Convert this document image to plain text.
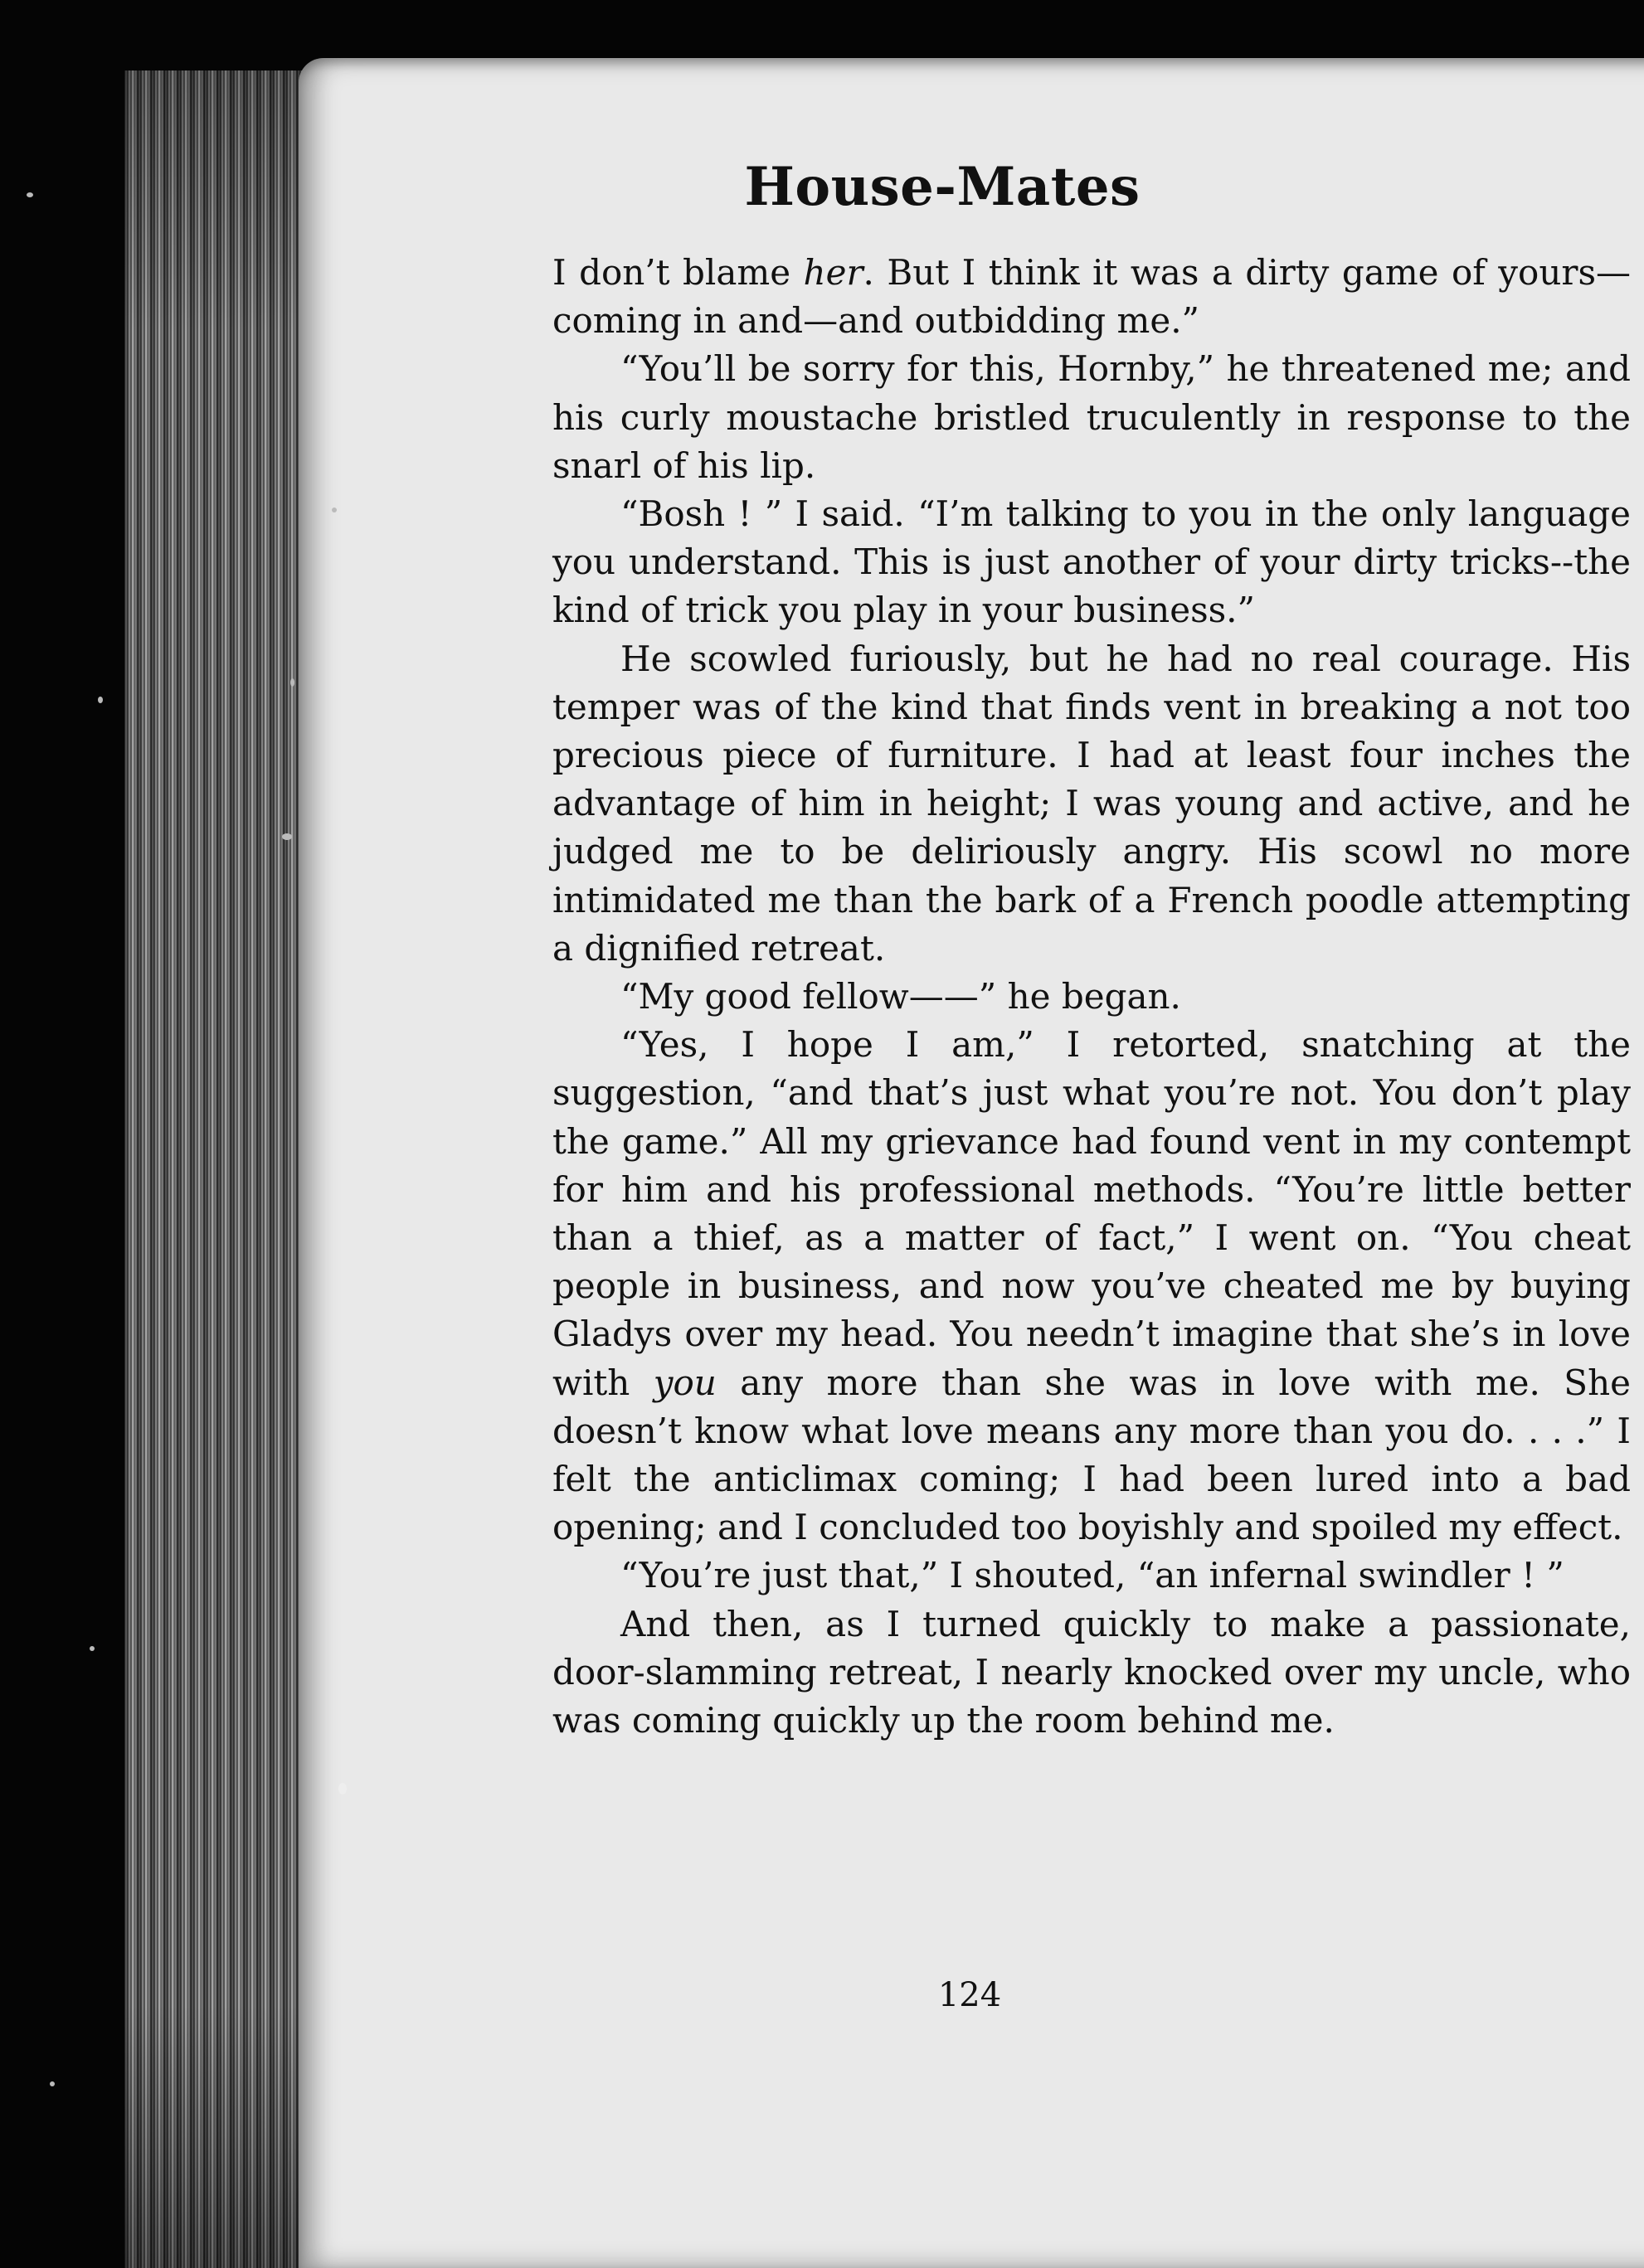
House-Mates

I don’t blame her. But I think it was a dirty game of yours—coming in and—and outbidding me.”

“You’ll be sorry for this, Hornby,” he threatened me; and his curly moustache bristled truculently in response to the snarl of his lip.

“Bosh ! ” I said. “I’m talking to you in the only language you understand. This is just another of your dirty tricks--the kind of trick you play in your business.”

He scowled furiously, but he had no real courage. His temper was of the kind that finds vent in breaking a not too precious piece of furniture. I had at least four inches the advantage of him in height; I was young and active, and he judged me to be deliriously angry. His scowl no more intimidated me than the bark of a French poodle attempting a dignified retreat.

“My good fellow——” he began.

“Yes, I hope I am,” I retorted, snatching at the suggestion, “and that’s just what you’re not. You don’t play the game.” All my grievance had found vent in my contempt for him and his professional methods. “You’re little better than a thief, as a matter of fact,” I went on. “You cheat people in business, and now you’ve cheated me by buying Gladys over my head. You needn’t imagine that she’s in love with you any more than she was in love with me. She doesn’t know what love means any more than you do. . . .” I felt the anticlimax coming; I had been lured into a bad opening; and I concluded too boyishly and spoiled my effect.

“You’re just that,” I shouted, “an infernal swindler ! ”

And then, as I turned quickly to make a passionate, door-slamming retreat, I nearly knocked over my uncle, who was coming quickly up the room behind me.

124
